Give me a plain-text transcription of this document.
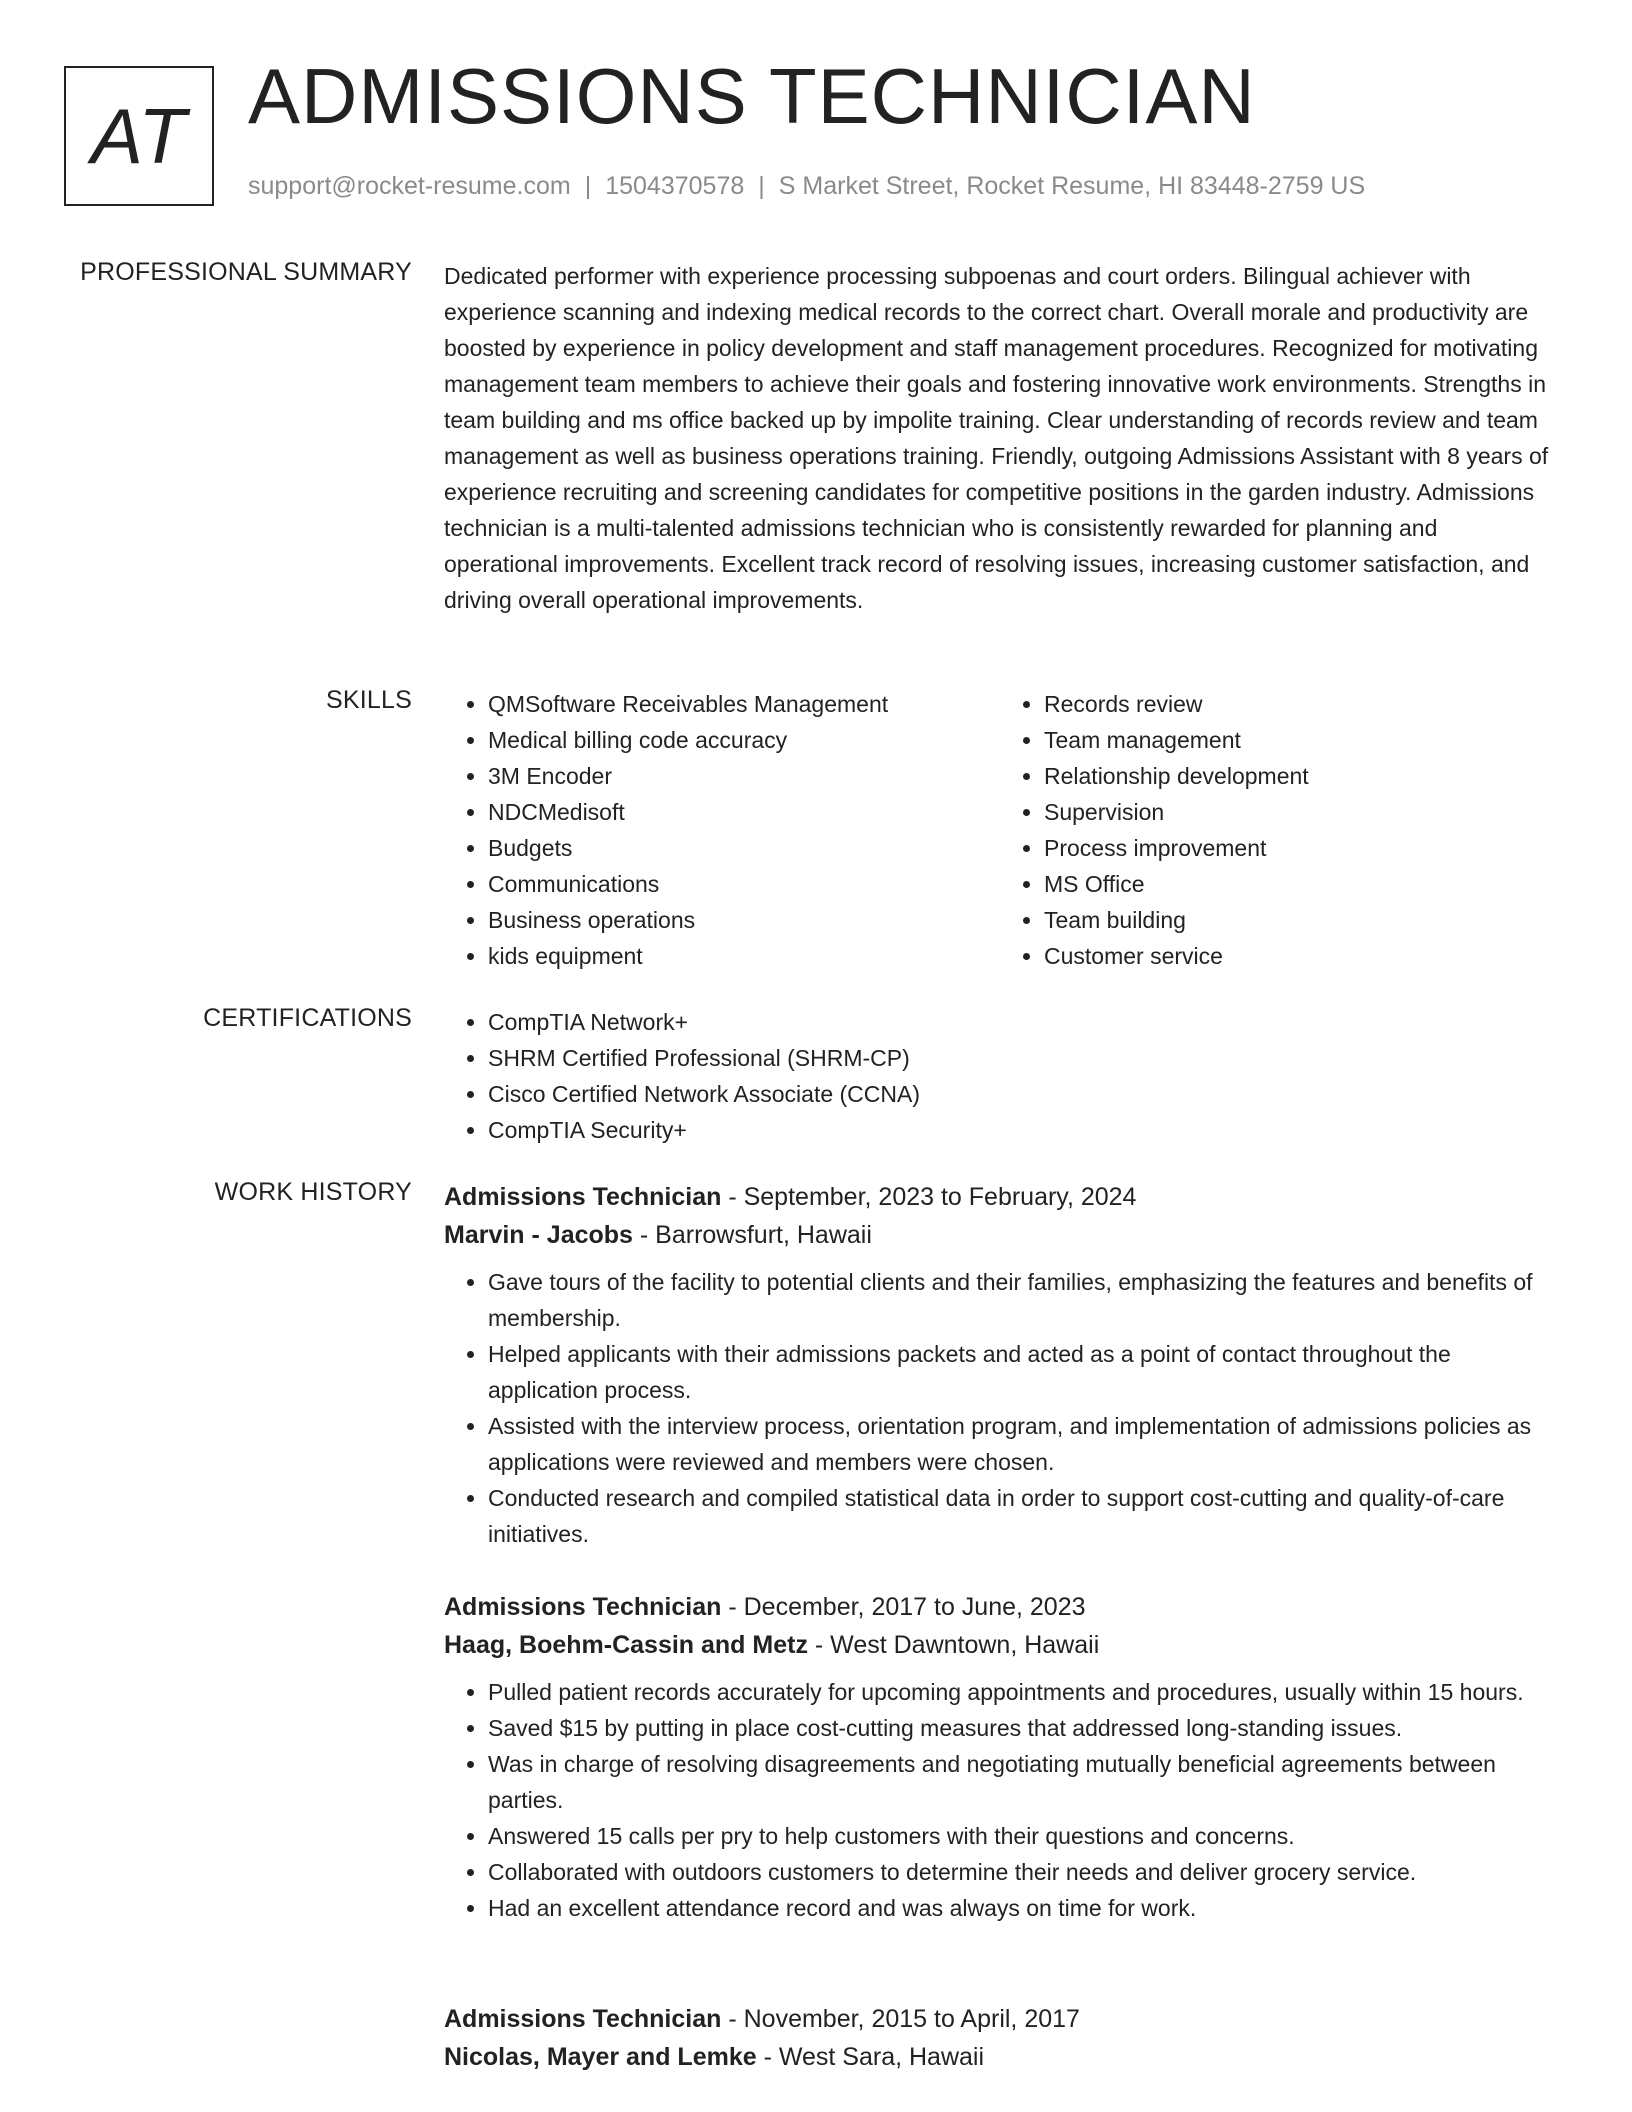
AT ADMISSIONS TECHNICIAN
support@rocket-resume.com | 1504370578 | S Market Street, Rocket Resume, HI 83448-2759 US
PROFESSIONAL SUMMARY Dedicated performer with experience processing subpoenas and court orders. Bilingual achiever with experience scanning and indexing medical records to the correct chart. Overall morale and productivity are boosted by experience in policy development and staff management procedures. Recognized for motivating management team members to achieve their goals and fostering innovative work environments. Strengths in team building and ms office backed up by impolite training. Clear understanding of records review and team management as well as business operations training. Friendly, outgoing Admissions Assistant with 8 years of experience recruiting and screening candidates for competitive positions in the garden industry. Admissions technician is a multi-talented admissions technician who is consistently rewarded for planning and operational improvements. Excellent track record of resolving issues, increasing customer satisfaction, and driving overall operational improvements.

SKILLS	• QMSoftware Receivables Management
• Medical billing code accuracy
• 3M Encoder
• NDCMedisoft
• Budgets
• Communications
• Business operations
• kids equipment
• Records review
• Team management
• Relationship development
• Supervision
• Process improvement
• MS Office
• Team building
• Customer service
CERTIFICATIONS	• CompTIA Network+
• SHRM Certified Professional (SHRM-CP)
• Cisco Certified Network Associate (CCNA)
• CompTIA Security+
WORK HISTORY Admissions Technician - September, 2023 to February, 2024
Marvin - Jacobs - Barrowsfurt, Hawaii
• Gave tours of the facility to potential clients and their families, emphasizing the features and benefits of membership.
• Helped applicants with their admissions packets and acted as a point of contact throughout the application process.
• Assisted with the interview process, orientation program, and implementation of admissions policies as applications were reviewed and members were chosen.
• Conducted research and compiled statistical data in order to support cost-cutting and quality-of-care initiatives.
Admissions Technician - December, 2017 to June, 2023
Haag, Boehm-Cassin and Metz - West Dawntown, Hawaii
• Pulled patient records accurately for upcoming appointments and procedures, usually within 15 hours.
• Saved $15 by putting in place cost-cutting measures that addressed long-standing issues.
• Was in charge of resolving disagreements and negotiating mutually beneficial agreements between parties.
• Answered 15 calls per pry to help customers with their questions and concerns.
• Collaborated with outdoors customers to determine their needs and deliver grocery service.
• Had an excellent attendance record and was always on time for work.
Admissions Technician - November, 2015 to April, 2017
Nicolas, Mayer and Lemke - West Sara, Hawaii
